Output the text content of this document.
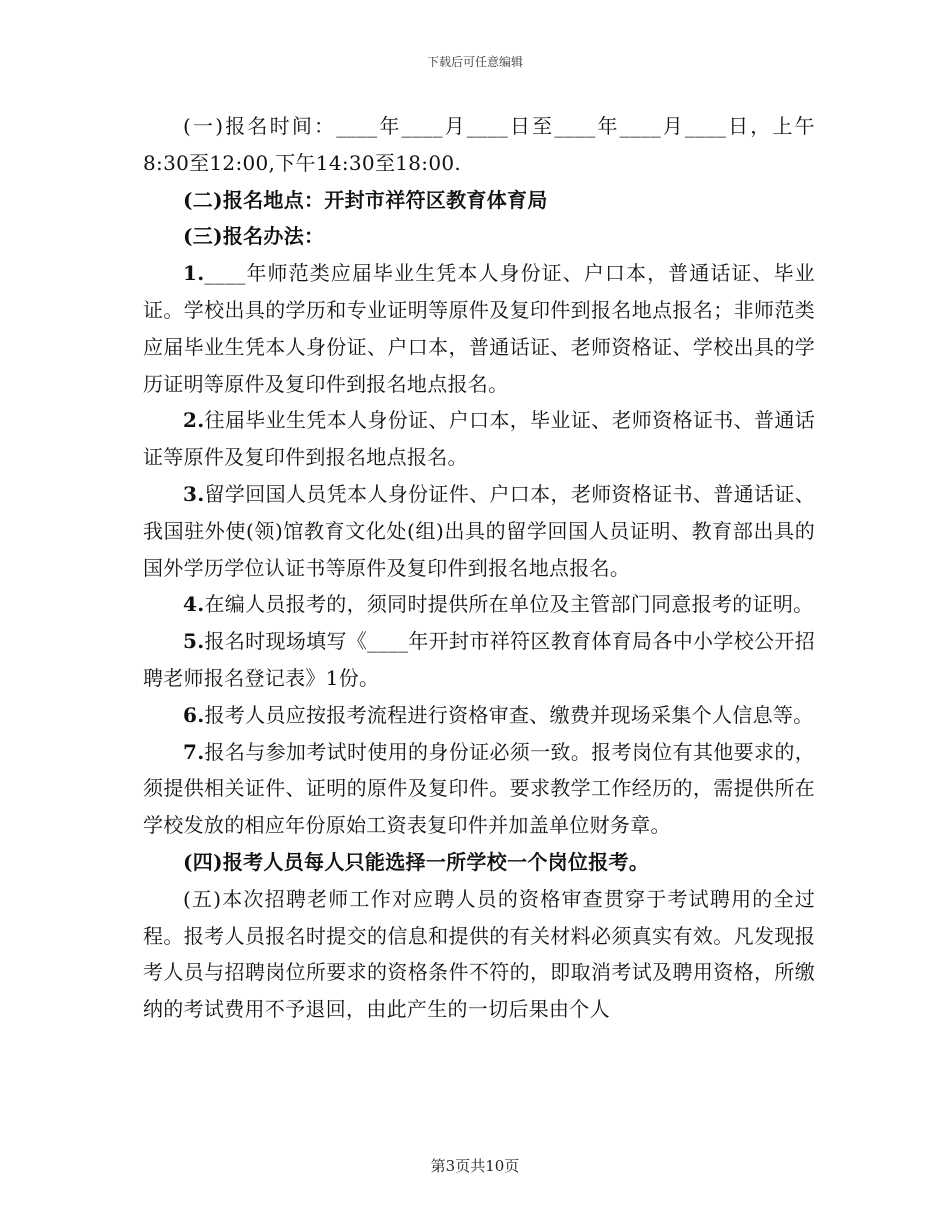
下载后可任意编辑

(一)报名时间：____年____月____日至____年____月____日，上午8:30至12:00,下午14:30至18:00.

(二)报名地点：开封市祥符区教育体育局

(三)报名办法：

1.____年师范类应届毕业生凭本人身份证、户口本，普通话证、毕业证。学校出具的学历和专业证明等原件及复印件到报名地点报名；非师范类应届毕业生凭本人身份证、户口本，普通话证、老师资格证、学校出具的学历证明等原件及复印件到报名地点报名。

2.往届毕业生凭本人身份证、户口本，毕业证、老师资格证书、普通话证等原件及复印件到报名地点报名。

3.留学回国人员凭本人身份证件、户口本，老师资格证书、普通话证、我国驻外使(领)馆教育文化处(组)出具的留学回国人员证明、教育部出具的国外学历学位认证书等原件及复印件到报名地点报名。

4.在编人员报考的，须同时提供所在单位及主管部门同意报考的证明。

5.报名时现场填写《____年开封市祥符区教育体育局各中小学校公开招聘老师报名登记表》1份。

6.报考人员应按报考流程进行资格审查、缴费并现场采集个人信息等。

7.报名与参加考试时使用的身份证必须一致。报考岗位有其他要求的，须提供相关证件、证明的原件及复印件。要求教学工作经历的，需提供所在学校发放的相应年份原始工资表复印件并加盖单位财务章。

(四)报考人员每人只能选择一所学校一个岗位报考。

(五)本次招聘老师工作对应聘人员的资格审查贯穿于考试聘用的全过程。报考人员报名时提交的信息和提供的有关材料必须真实有效。凡发现报考人员与招聘岗位所要求的资格条件不符的，即取消考试及聘用资格，所缴纳的考试费用不予退回，由此产生的一切后果由个人

第3页共10页
